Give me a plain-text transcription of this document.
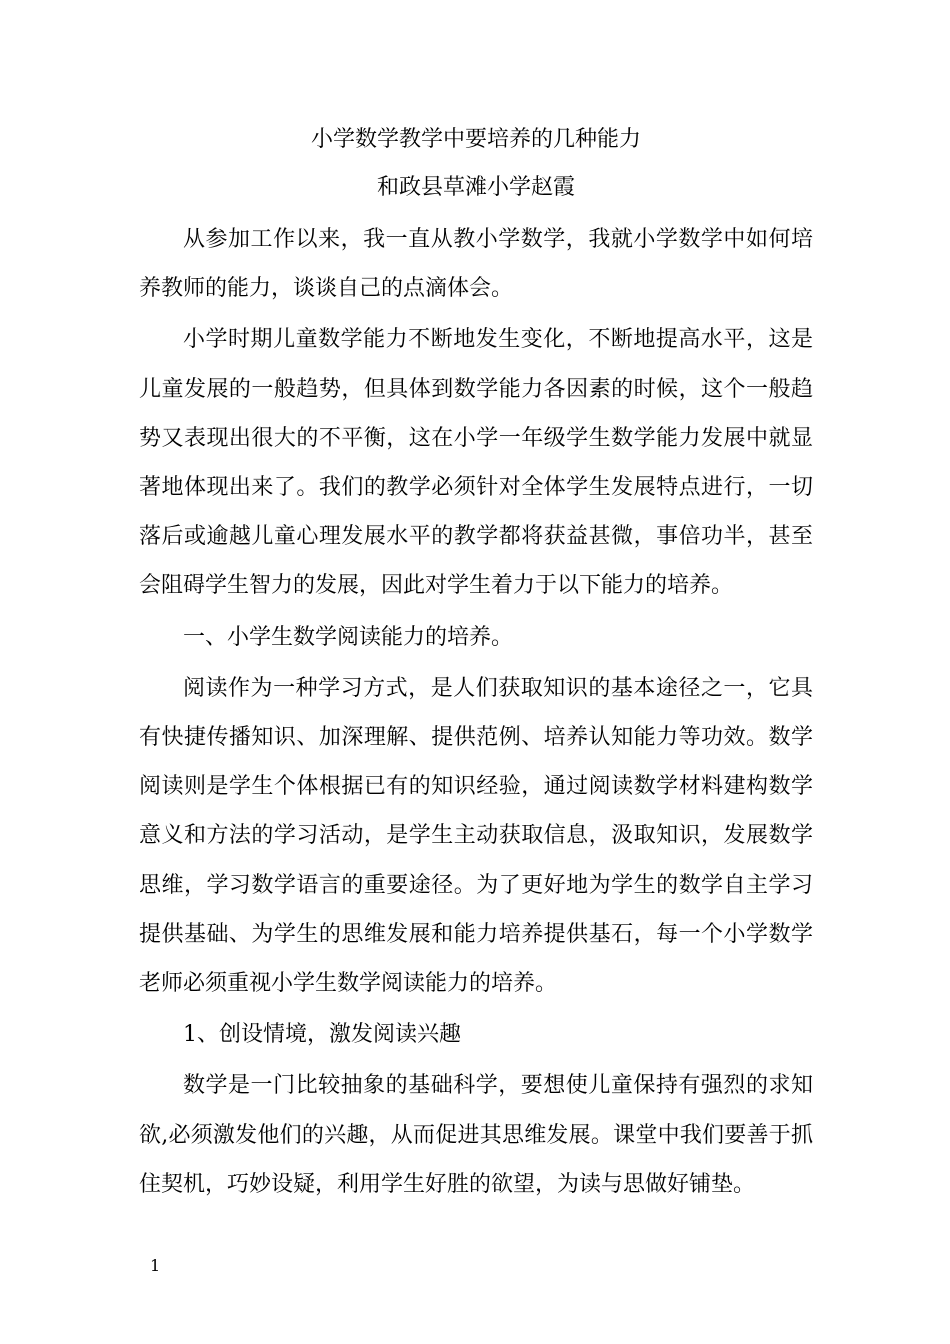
小学数学教学中要培养的几种能力
和政县草滩小学赵霞

从参加工作以来，我一直从教小学数学，我就小学数学中如何培养教师的能力，谈谈自己的点滴体会。

小学时期儿童数学能力不断地发生变化，不断地提高水平，这是儿童发展的一般趋势，但具体到数学能力各因素的时候，这个一般趋势又表现出很大的不平衡，这在小学一年级学生数学能力发展中就显著地体现出来了。我们的教学必须针对全体学生发展特点进行，一切落后或逾越儿童心理发展水平的教学都将获益甚微，事倍功半，甚至会阻碍学生智力的发展，因此对学生着力于以下能力的培养。

一、小学生数学阅读能力的培养。

阅读作为一种学习方式，是人们获取知识的基本途径之一，它具有快捷传播知识、加深理解、提供范例、培养认知能力等功效。数学阅读则是学生个体根据已有的知识经验，通过阅读数学材料建构数学意义和方法的学习活动，是学生主动获取信息，汲取知识，发展数学思维，学习数学语言的重要途径。为了更好地为学生的数学自主学习提供基础、为学生的思维发展和能力培养提供基石，每一个小学数学老师必须重视小学生数学阅读能力的培养。

1、创设情境，激发阅读兴趣

数学是一门比较抽象的基础科学，要想使儿童保持有强烈的求知欲,必须激发他们的兴趣，从而促进其思维发展。课堂中我们要善于抓住契机，巧妙设疑，利用学生好胜的欲望，为读与思做好铺垫。

1
